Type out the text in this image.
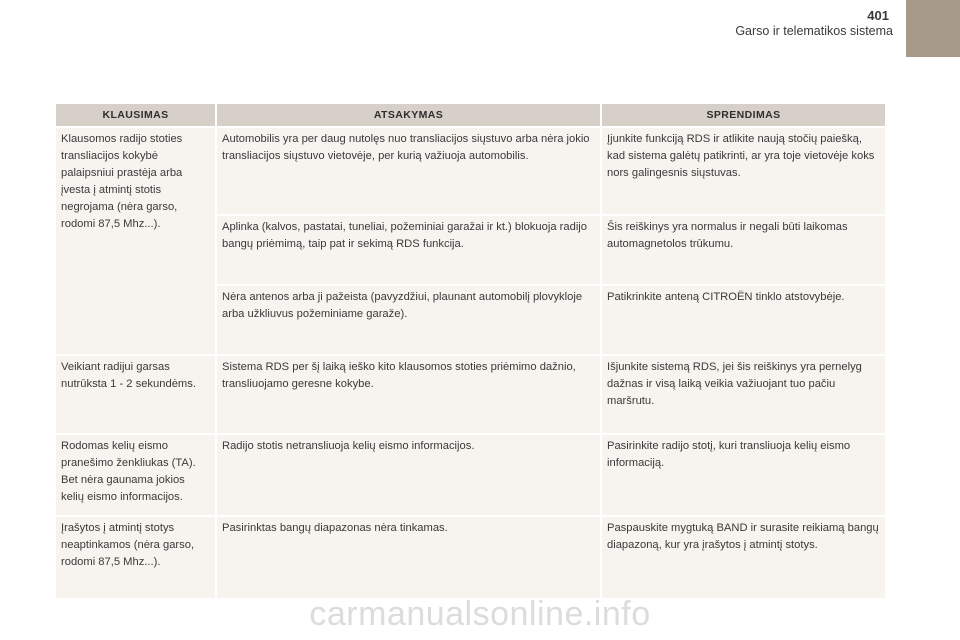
401
Garso ir telematikos sistema
KLAUSIMAS	ATSAKYMAS	SPRENDIMAS
Klausomos radijo stoties transliacijos kokybė palaipsniui prastėja arba įvesta į atmintį stotis negrojama (nėra garso, rodomi 87,5 Mhz...).	Automobilis yra per daug nutolęs nuo transliacijos siųstuvo arba nėra jokio transliacijos siųstuvo vietovėje, per kurią važiuoja automobilis.	Įjunkite funkciją RDS ir atlikite naują stočių paiešką, kad sistema galėtų patikrinti, ar yra toje vietovėje koks nors galingesnis siųstuvas.
	Aplinka (kalvos, pastatai, tuneliai, požeminiai garažai ir kt.) blokuoja radijo bangų priėmimą, taip pat ir sekimą RDS funkcija.	Šis reiškinys yra normalus ir negali būti laikomas automagnetolos trūkumu.
	Nėra antenos arba ji pažeista (pavyzdžiui, plaunant automobilį plovykloje arba užkliuvus požeminiame garaže).	Patikrinkite anteną CITROËN tinklo atstovybėje.
Veikiant radijui garsas nutrūksta 1 - 2 sekundėms.	Sistema RDS per šį laiką ieško kito klausomos stoties priėmimo dažnio, transliuojamo geresne kokybe.	Išjunkite sistemą RDS, jei šis reiškinys yra pernelyg dažnas ir visą laiką veikia važiuojant tuo pačiu maršrutu.
Rodomas kelių eismo pranešimo ženkliukas (TA). Bet nėra gaunama jokios kelių eismo informacijos.	Radijo stotis netransliuoja kelių eismo informacijos.	Pasirinkite radijo stotį, kuri transliuoja kelių eismo informaciją.
Įrašytos į atmintį stotys neaptinkamos (nėra garso, rodomi 87,5 Mhz...).	Pasirinktas bangų diapazonas nėra tinkamas.	Paspauskite mygtuką BAND ir surasite reikiamą bangų diapazoną, kur yra įrašytos į atmintį stotys.
carmanualsonline.info
